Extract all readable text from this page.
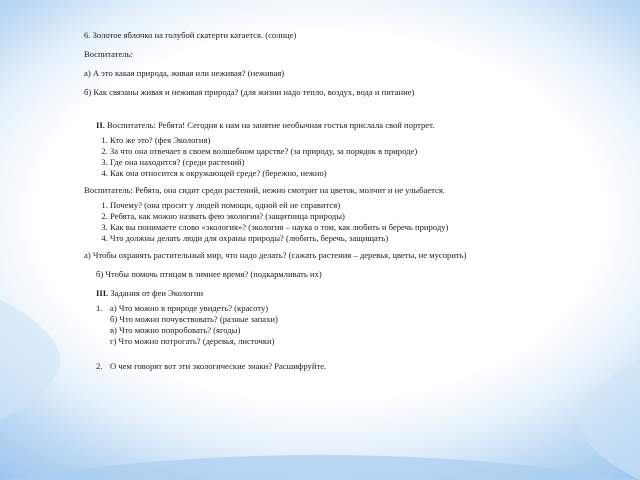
6. Золотое яблочко на голубой скатерти катается. (солнце)

Воспитатель:

а) А это какая природа, живая или неживая? (неживая)

б) Как связаны живая и неживая природа? (для жизни надо тепло, воздух, вода и питание)

II. Воспитатель: Ребята! Сегодня к нам на занятие необычная гостья прислала свой портрет.

1. Кто же это? (фея Экология)
2. За что она отвечает в своем волшебном царстве? (за природу, за порядок в природе)
3. Где она находится? (среди растений)
4. Как она относится к окружающей среде? (бережно, нежно)

Воспитатель: Ребята, она сидит среди растений, нежно смотрит на цветок, молчит и не улыбается.

1. Почему? (она просит у людей помощи, одной ей не справится)
2. Ребята, как можно назвать фею экологии? (защитница природы)
3. Как вы понимаете слово «экология»? (экология – наука о том, как любить и беречь природу)
4. Что должны делать люди для охраны природы? (любить, беречь, защищать)

а) Чтобы охранять растительный мир, что надо делать? (сажать растения – деревья, цветы, не мусорить)

б) Чтобы помочь птицам в зимнее время? (подкармливать их)

III. Задания от феи Экологии

1. а) Что можно в природе увидеть? (красоту)
б) Что можно почувствовать? (разные запахи)
в) Что можно попробовать? (ягоды)
г) Что можно потрогать? (деревья, листочки)
2. О чем говорят вот эти экологические знаки? Расшифруйте.
